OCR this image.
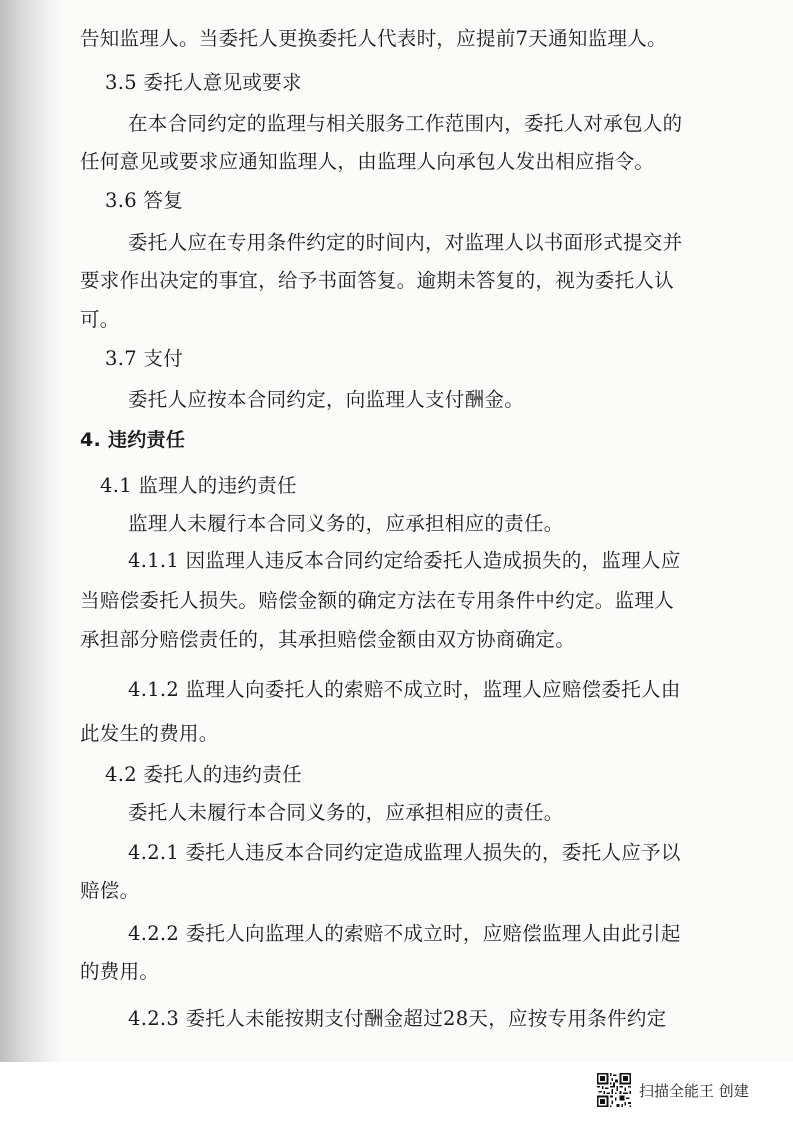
告知监理人。当委托人更换委托人代表时，应提前7天通知监理人。

3.5 委托人意见或要求

在本合同约定的监理与相关服务工作范围内，委托人对承包人的

任何意见或要求应通知监理人，由监理人向承包人发出相应指令。

3.6 答复

委托人应在专用条件约定的时间内，对监理人以书面形式提交并

要求作出决定的事宜，给予书面答复。逾期未答复的，视为委托人认

可。

3.7 支付

委托人应按本合同约定，向监理人支付酬金。

4. 违约责任

4.1 监理人的违约责任

监理人未履行本合同义务的，应承担相应的责任。

4.1.1 因监理人违反本合同约定给委托人造成损失的，监理人应

当赔偿委托人损失。赔偿金额的确定方法在专用条件中约定。监理人

承担部分赔偿责任的，其承担赔偿金额由双方协商确定。

4.1.2 监理人向委托人的索赔不成立时，监理人应赔偿委托人由

此发生的费用。

4.2 委托人的违约责任

委托人未履行本合同义务的，应承担相应的责任。

4.2.1 委托人违反本合同约定造成监理人损失的，委托人应予以

赔偿。

4.2.2 委托人向监理人的索赔不成立时，应赔偿监理人由此引起

的费用。

4.2.3 委托人未能按期支付酬金超过28天，应按专用条件约定

扫描全能王 创建
